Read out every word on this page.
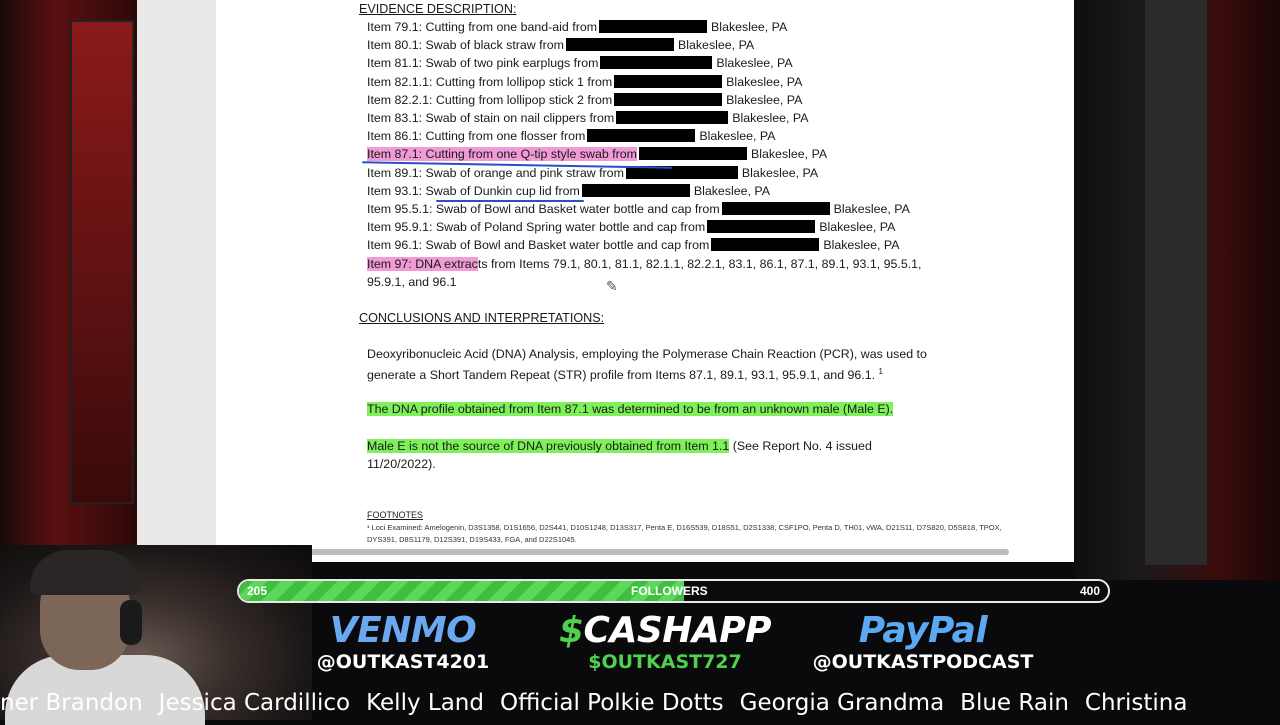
EVIDENCE DESCRIPTION:
Item 79.1: Cutting from one band-aid from	Blakeslee, PA
Item 80.1: Swab of black straw from	Blakeslee, PA
Item 81.1: Swab of two pink earplugs from	Blakeslee, PA
Item 82.1.1: Cutting from lollipop stick 1 from	Blakeslee, PA
Item 82.2.1: Cutting from lollipop stick 2 from	Blakeslee, PA
Item 83.1: Swab of stain on nail clippers from	Blakeslee, PA
Item 86.1: Cutting from one flosser from	Blakeslee, PA
Item 87.1: Cutting from one Q-tip style swab from	Blakeslee, PA
Item 89.1: Swab of orange and pink straw from	Blakeslee, PA
Item 93.1: Swab of Dunkin cup lid from	Blakeslee, PA
Item 95.5.1: Swab of Bowl and Basket water bottle and cap from	Blakeslee, PA
Item 95.9.1: Swab of Poland Spring water bottle and cap from	Blakeslee, PA
Item 96.1: Swab of Bowl and Basket water bottle and cap from	Blakeslee, PA
Item 97: DNA extracts from Items 79.1, 80.1, 81.1, 82.1.1, 82.2.1, 83.1, 86.1, 87.1, 89.1, 93.1, 95.5.1,
95.9.1, and 96.1	✎
CONCLUSIONS AND INTERPRETATIONS:
Deoxyribonucleic Acid (DNA) Analysis, employing the Polymerase Chain Reaction (PCR), was used to
generate a Short Tandem Repeat (STR) profile from Items 87.1, 89.1, 93.1, 95.9.1, and 96.1. $^1$
The DNA profile obtained from Item 87.1 was determined to be from an unknown male (Male E).
Male E is not the source of DNA previously obtained from Item 1.1 (See Report No. 4 issued
11/20/2022).
FOOTNOTES
¹ Loci Examined: Amelogenin, D3S1358, D1S1656, D2S441, D10S1248, D13S317, Penta E, D16S539, D18S51, D2S1338, CSF1PO, Penta D, TH01, vWA, D21S11, D7S820, D5S818, TPOX, DYS391, D8S1179, D12S391, D19S433, FGA, and D22S1045.
205	FOLLOWERS	400
VENMO
@OUTKAST4201
$CASHAPP
$OUTKAST727
PayPal
@OUTKASTPODCAST
ner Brandon Jessica Cardillico Kelly Land Official Polkie Dotts Georgia Grandma Blue Rain Christina
